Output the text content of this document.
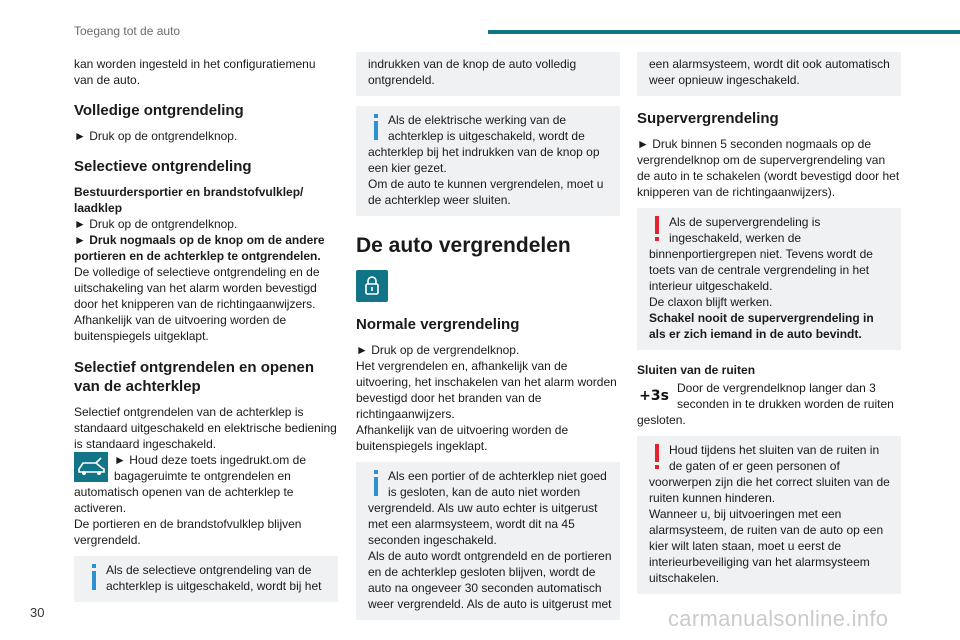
Toegang tot de auto

kan worden ingesteld in het configuratiemenu van de auto.

Volledige ontgrendeling

► Druk op de ontgrendelknop.

Selectieve ontgrendeling

Bestuurdersportier en brandstofvulklep/ laadklep

► Druk op de ontgrendelknop.

► Druk nogmaals op de knop om de andere portieren en de achterklep te ontgrendelen.

De volledige of selectieve ontgrendeling en de uitschakeling van het alarm worden bevestigd door het knipperen van de richtingaanwijzers.

Afhankelijk van de uitvoering worden de buitenspiegels uitgeklapt.

Selectief ontgrendelen en openen van de achterklep

Selectief ontgrendelen van de achterklep is standaard uitgeschakeld en elektrische bediening is standaard ingeschakeld.

► Houd deze toets ingedrukt.om de bagageruimte te ontgrendelen en automatisch openen van de achterklep te activeren.

De portieren en de brandstofvulklep blijven vergrendeld.

Als de selectieve ontgrendeling van de achterklep is uitgeschakeld, wordt bij het

indrukken van de knop de auto volledig ontgrendeld.

Als de elektrische werking van de achterklep is uitgeschakeld, wordt de achterklep bij het indrukken van de knop op een kier gezet.

Om de auto te kunnen vergrendelen, moet u de achterklep weer sluiten.

De auto vergrendelen
Normale vergrendeling

► Druk op de vergrendelknop.

Het vergrendelen en, afhankelijk van de uitvoering, het inschakelen van het alarm worden bevestigd door het branden van de richtingaanwijzers.

Afhankelijk van de uitvoering worden de buitenspiegels ingeklapt.

Als een portier of de achterklep niet goed is gesloten, kan de auto niet worden vergrendeld. Als uw auto echter is uitgerust met een alarmsysteem, wordt dit na 45 seconden ingeschakeld.

Als de auto wordt ontgrendeld en de portieren en de achterklep gesloten blijven, wordt de auto na ongeveer 30 seconden automatisch weer vergrendeld. Als de auto is uitgerust met

een alarmsysteem, wordt dit ook automatisch weer opnieuw ingeschakeld.

Supervergrendeling

► Druk binnen 5 seconden nogmaals op de vergrendelknop om de supervergrendeling van de auto in te schakelen (wordt bevestigd door het knipperen van de richtingaanwijzers).

Als de supervergrendeling is ingeschakeld, werken de binnenportiergrepen niet. Tevens wordt de toets van de centrale vergrendeling in het interieur uitgeschakeld.

De claxon blijft werken.

Schakel nooit de supervergrendeling in als er zich iemand in de auto bevindt.

Sluiten van de ruiten

+3s Door de vergrendelknop langer dan 3 seconden in te drukken worden de ruiten gesloten.

Houd tijdens het sluiten van de ruiten in de gaten of er geen personen of voorwerpen zijn die het correct sluiten van de ruiten kunnen hinderen.

Wanneer u, bij uitvoeringen met een alarmsysteem, de ruiten van de auto op een kier wilt laten staan, moet u eerst de interieurbeveiliging van het alarmsysteem uitschakelen.

30	carmanualsonline.info
